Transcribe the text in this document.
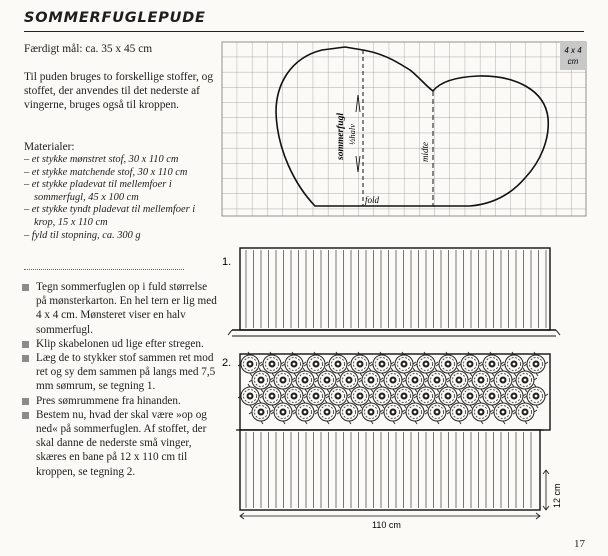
SOMMERFUGLEPUDE
Færdigt mål: ca. 35 x 45 cm
Til puden bruges to forskellige stoffer, og stoffet, der anvendes til det nederste af vingerne, bruges også til kroppen.
Materialer:
– et stykke mønstret stof, 30 x 110 cm
– et stykke matchende stof, 30 x 110 cm
– et stykke pladevat til mellemfoer i sommerfugl, 45 x 100 cm
– et stykke tyndt pladevat til mellemfoer i krop, 15 x 110 cm
– fyld til stopning, ca. 300 g
Tegn sommerfuglen op i fuld størrelse på mønsterkarton. En hel tern er lig med 4 x 4 cm. Mønsteret viser en halv sommerfugl.
Klip skabelonen ud lige efter stregen.
Læg de to stykker stof sammen ret mod ret og sy dem sammen på langs med 7,5 mm sømrum, se tegning 1.
Pres sømrummene fra hinanden.
Bestem nu, hvad der skal være »op og ned« på sommerfuglen. Af stoffet, der skal danne de nederste små vinger, skæres en bane på 12 x 110 cm til kroppen, se tegning 2.
4 x 4
cm
sommerfugl ½halv
midte
fold
1.
2.
110 cm
12 cm
17
